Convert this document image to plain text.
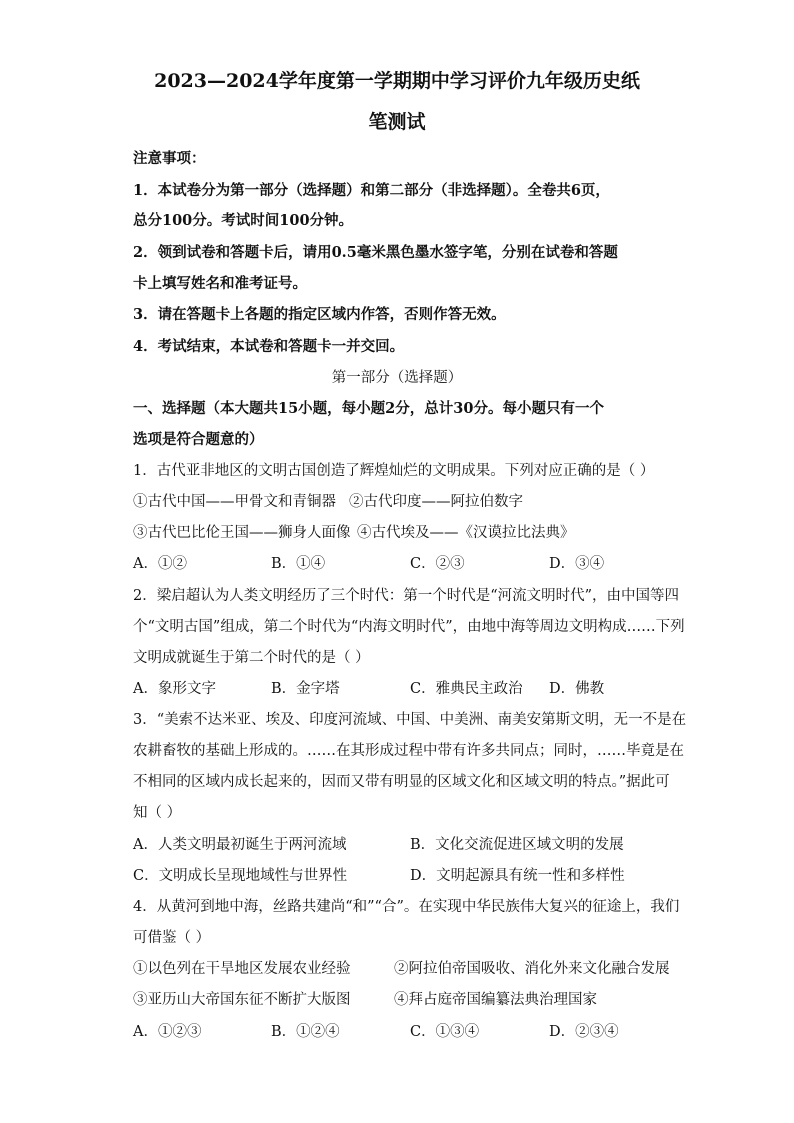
2023—2024学年度第一学期期中学习评价九年级历史纸
笔测试
注意事项：
1．本试卷分为第一部分（选择题）和第二部分（非选择题）。全卷共6页，
总分100分。考试时间100分钟。
2．领到试卷和答题卡后，请用0.5毫米黑色墨水签字笔，分别在试卷和答题
卡上填写姓名和准考证号。
3．请在答题卡上各题的指定区域内作答，否则作答无效。
4．考试结束，本试卷和答题卡一并交回。
第一部分（选择题）
一、选择题（本大题共15小题，每小题2分，总计30分。每小题只有一个
选项是符合题意的）
1．古代亚非地区的文明古国创造了辉煌灿烂的文明成果。下列对应正确的是（ ）
①古代中国——甲骨文和青铜器 ②古代印度——阿拉伯数字
③古代巴比伦王国——狮身人面像 ④古代埃及——《汉谟拉比法典》
A．①②	B．①④	C．②③	D．③④
2．梁启超认为人类文明经历了三个时代：第一个时代是“河流文明时代”，由中国等四
个“文明古国”组成，第二个时代为“内海文明时代”，由地中海等周边文明构成……下列
文明成就诞生于第二个时代的是（ ）
A．象形文字	B．金字塔	C．雅典民主政治 D．佛教
3．“美索不达米亚、埃及、印度河流域、中国、中美洲、南美安第斯文明，无一不是在
农耕畜牧的基础上形成的。……在其形成过程中带有许多共同点；同时，……毕竟是在
不相同的区域内成长起来的，因而又带有明显的区域文化和区域文明的特点。”据此可
知（ ）
A．人类文明最初诞生于两河流域	B．文化交流促进区域文明的发展
C．文明成长呈现地域性与世界性	D．文明起源具有统一性和多样性
4．从黄河到地中海，丝路共建尚“和”“合”。在实现中华民族伟大复兴的征途上，我们
可借鉴（ ）
①以色列在干旱地区发展农业经验	②阿拉伯帝国吸收、消化外来文化融合发展
③亚历山大帝国东征不断扩大版图	④拜占庭帝国编纂法典治理国家
A．①②③	B．①②④	C．①③④	D．②③④
